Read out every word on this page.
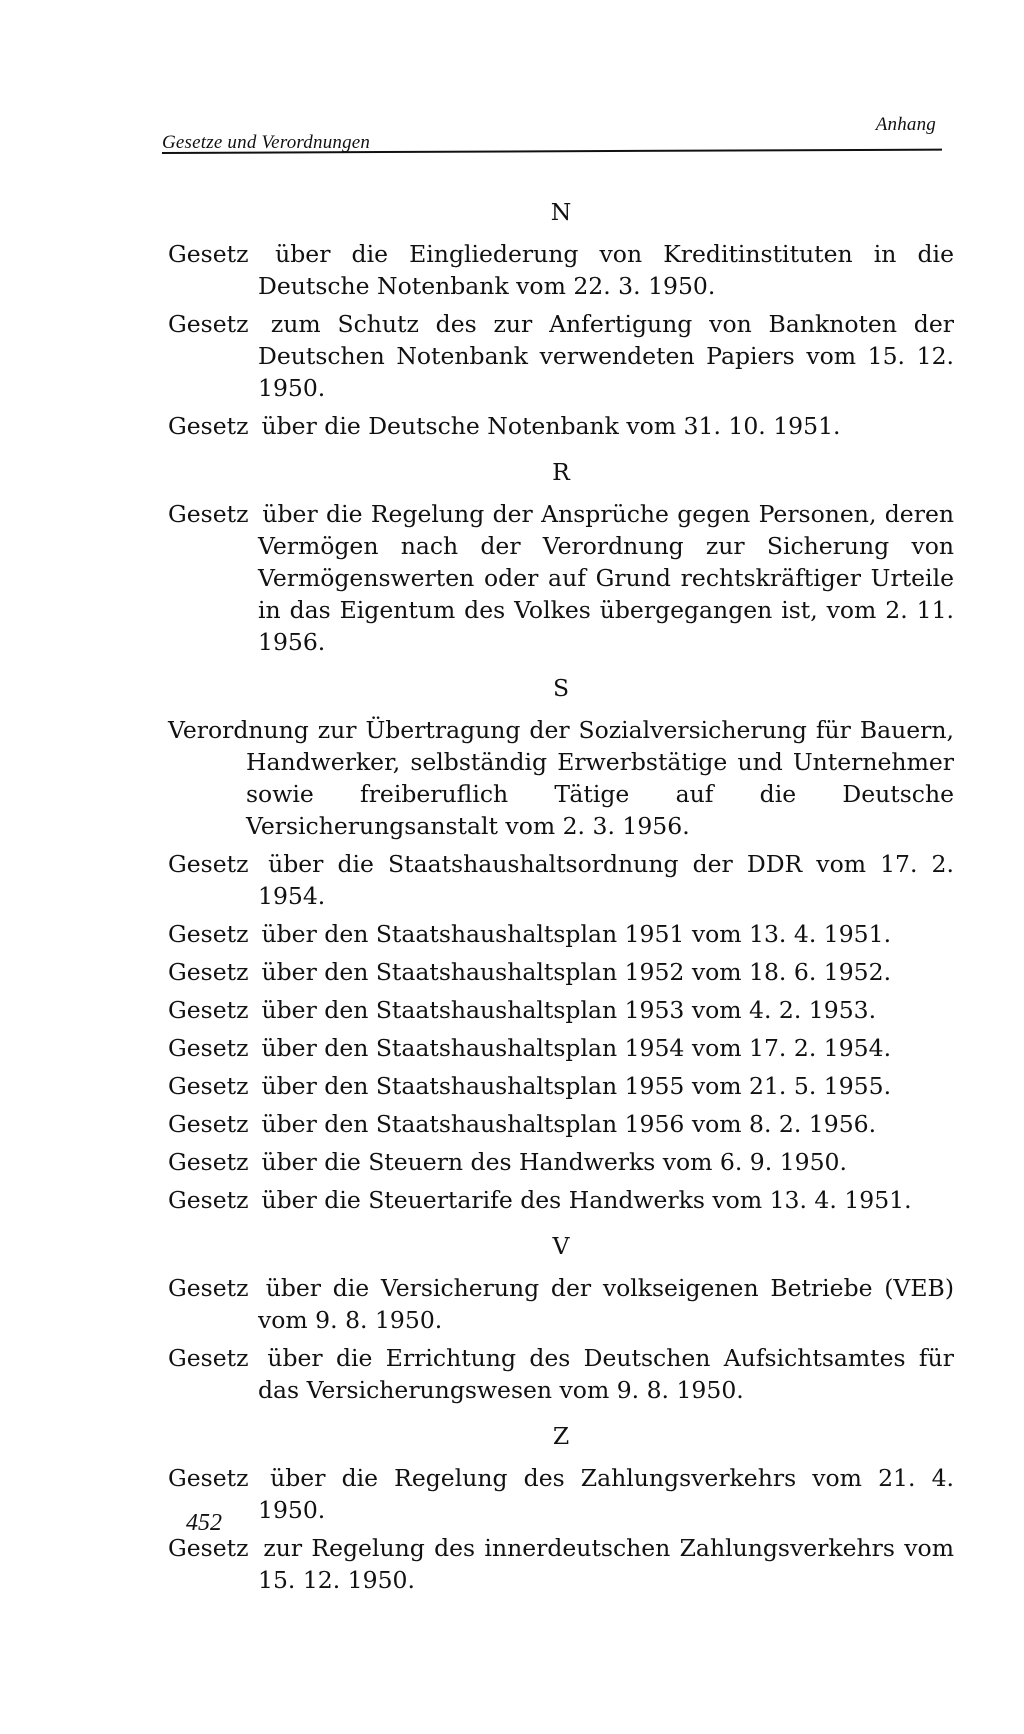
Gesetze und Verordnungen
Anhang
N

Gesetz über die Eingliederung von Kreditinstituten in die Deutsche Notenbank vom 22. 3. 1950.

Gesetz zum Schutz des zur Anfertigung von Banknoten der Deutschen Notenbank verwendeten Papiers vom 15. 12. 1950.

Gesetz über die Deutsche Notenbank vom 31. 10. 1951.

R

Gesetz über die Regelung der Ansprüche gegen Personen, deren Vermögen nach der Verordnung zur Sicherung von Vermögenswerten oder auf Grund rechtskräftiger Urteile in das Eigentum des Volkes übergegangen ist, vom 2. 11. 1956.

S

Verordnung zur Übertragung der Sozialversicherung für Bauern, Handwerker, selbständig Erwerbstätige und Unternehmer sowie freiberuflich Tätige auf die Deutsche Versicherungsanstalt vom 2. 3. 1956.

Gesetz über die Staatshaushaltsordnung der DDR vom 17. 2. 1954.

Gesetz über den Staatshaushaltsplan 1951 vom 13. 4. 1951.

Gesetz über den Staatshaushaltsplan 1952 vom 18. 6. 1952.

Gesetz über den Staatshaushaltsplan 1953 vom 4. 2. 1953.

Gesetz über den Staatshaushaltsplan 1954 vom 17. 2. 1954.

Gesetz über den Staatshaushaltsplan 1955 vom 21. 5. 1955.

Gesetz über den Staatshaushaltsplan 1956 vom 8. 2. 1956.

Gesetz über die Steuern des Handwerks vom 6. 9. 1950.

Gesetz über die Steuertarife des Handwerks vom 13. 4. 1951.

V

Gesetz über die Versicherung der volkseigenen Betriebe (VEB) vom 9. 8. 1950.

Gesetz über die Errichtung des Deutschen Aufsichtsamtes für das Versicherungswesen vom 9. 8. 1950.

Z

Gesetz über die Regelung des Zahlungsverkehrs vom 21. 4. 1950.

Gesetz zur Regelung des innerdeutschen Zahlungsverkehrs vom 15. 12. 1950.

452
